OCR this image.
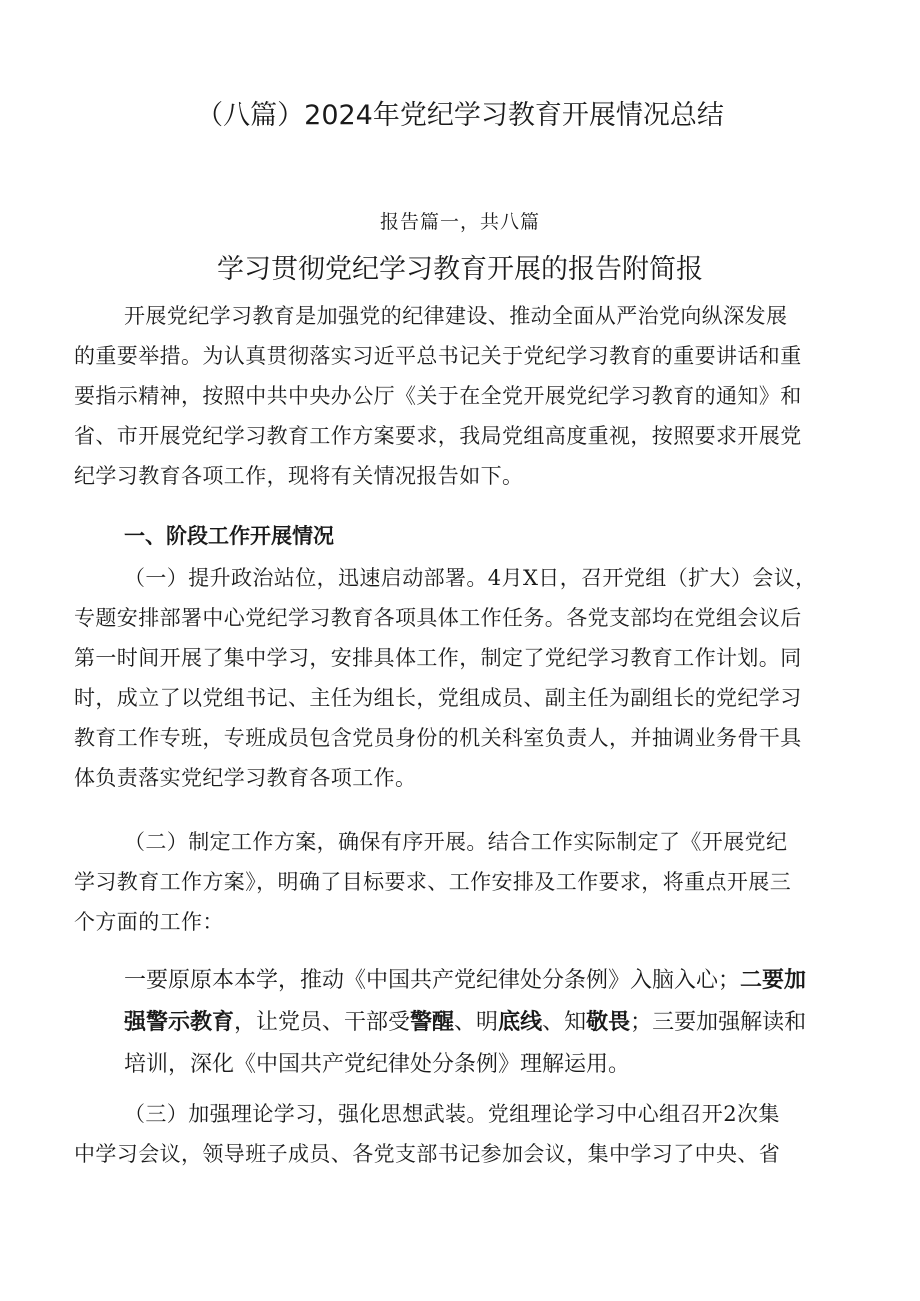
（八篇）2024年党纪学习教育开展情况总结
报告篇一，共八篇
学习贯彻党纪学习教育开展的报告附简报
开展党纪学习教育是加强党的纪律建设、推动全面从严治党向纵深发展
的重要举措。为认真贯彻落实习近平总书记关于党纪学习教育的重要讲话和重
要指示精神，按照中共中央办公厅《关于在全党开展党纪学习教育的通知》和
省、市开展党纪学习教育工作方案要求，我局党组高度重视，按照要求开展党
纪学习教育各项工作，现将有关情况报告如下。
一、阶段工作开展情况
（一）提升政治站位，迅速启动部署。4月X日，召开党组（扩大）会议，
专题安排部署中心党纪学习教育各项具体工作任务。各党支部均在党组会议后
第一时间开展了集中学习，安排具体工作，制定了党纪学习教育工作计划。同
时，成立了以党组书记、主任为组长，党组成员、副主任为副组长的党纪学习
教育工作专班，专班成员包含党员身份的机关科室负责人，并抽调业务骨干具
体负责落实党纪学习教育各项工作。
（二）制定工作方案，确保有序开展。结合工作实际制定了《开展党纪
学习教育工作方案》，明确了目标要求、工作安排及工作要求，将重点开展三
个方面的工作：
一要原原本本学，推动《中国共产党纪律处分条例》入脑入心；二要加
强警示教育，让党员、干部受警醒、明底线、知敬畏；三要加强解读和
培训，深化《中国共产党纪律处分条例》理解运用。
（三）加强理论学习，强化思想武装。党组理论学习中心组召开2次集
中学习会议，领导班子成员、各党支部书记参加会议，集中学习了中央、省
